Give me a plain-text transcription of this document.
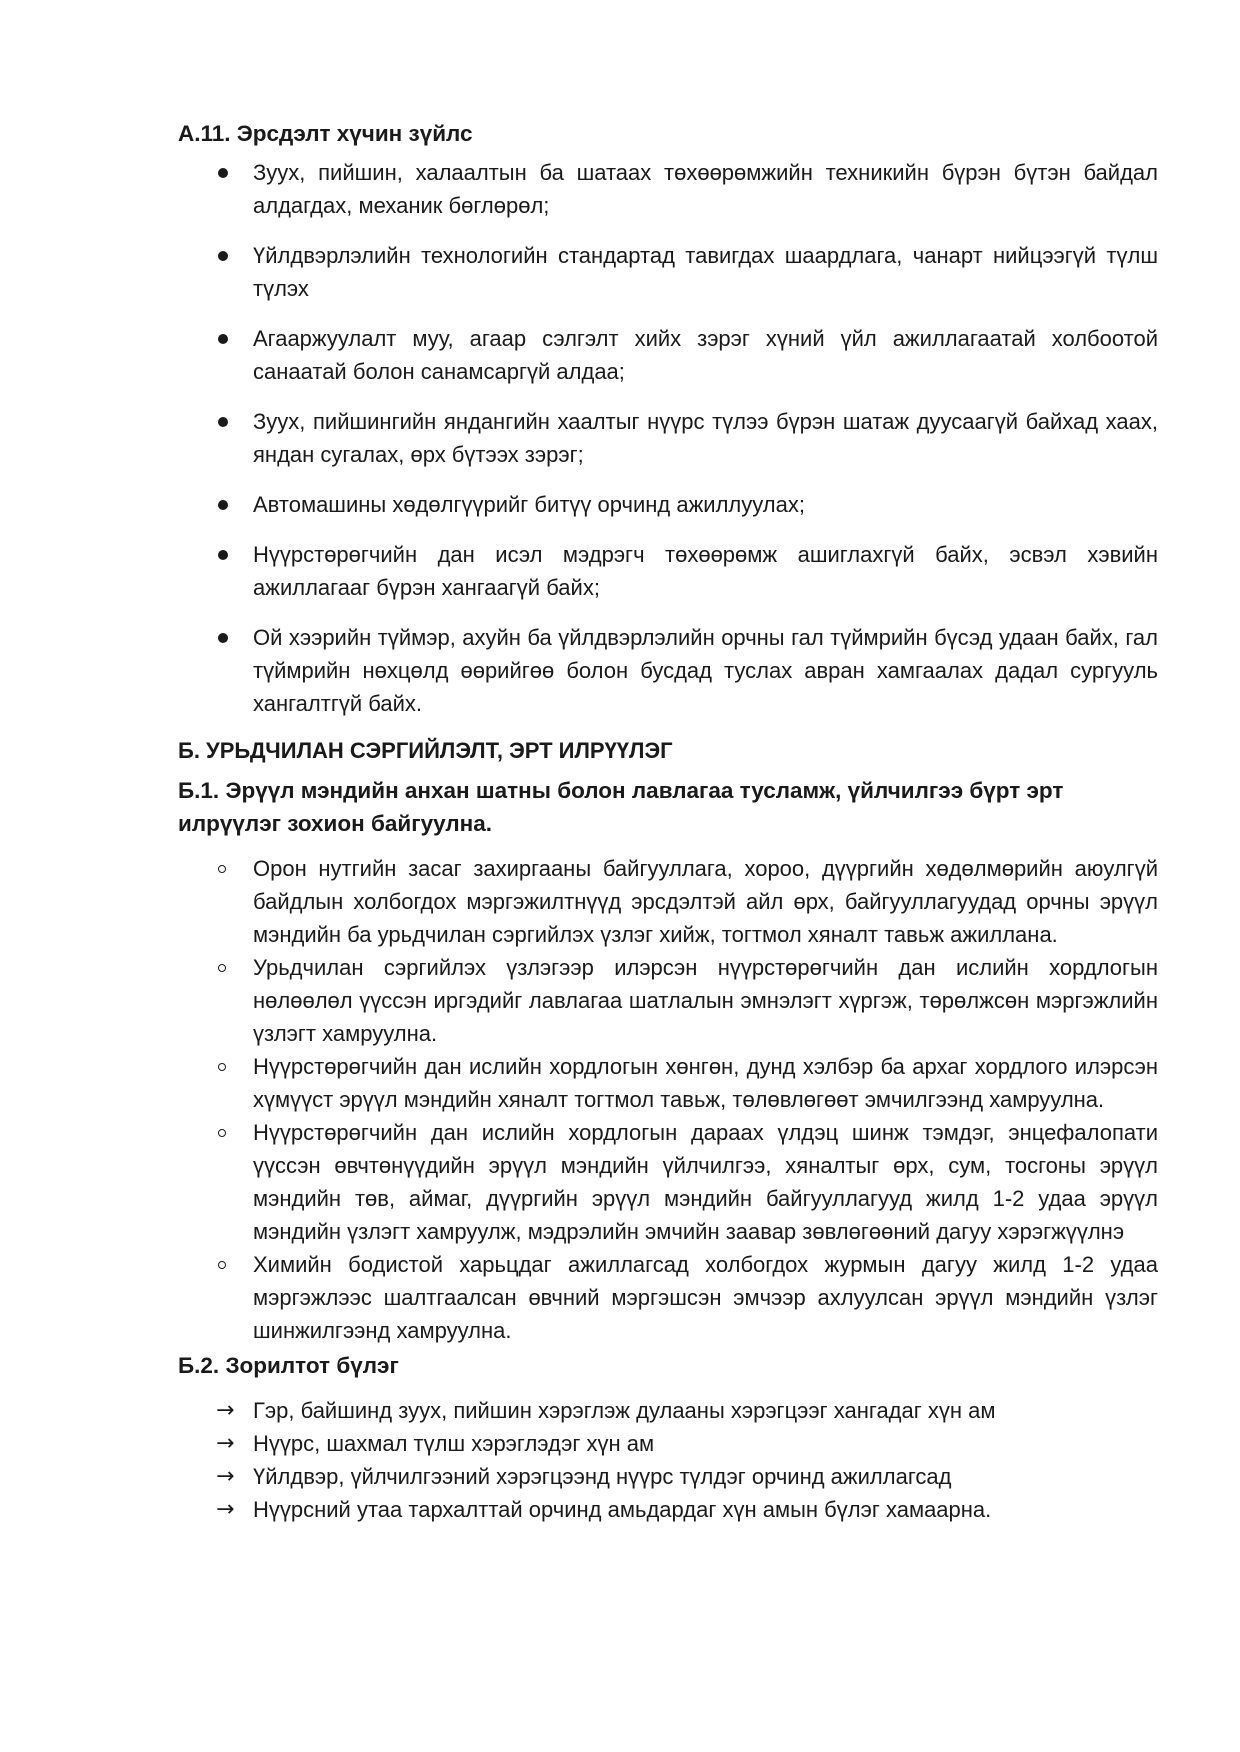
А.11. Эрсдэлт хүчин зүйлс
Зуух, пийшин, халаалтын ба шатаах төхөөрөмжийн техникийн бүрэн бүтэн байдал алдагдах, механик бөглөрөл;
Үйлдвэрлэлийн технологийн стандартад тавигдах шаардлага, чанарт нийцээгүй түлш түлэх
Агааржуулалт муу, агаар сэлгэлт хийх зэрэг хүний үйл ажиллагаатай холбоотой санаатай болон санамсаргүй алдаа;
Зуух, пийшингийн яндангийн хаалтыг нүүрс түлээ бүрэн шатаж дуусаагүй байхад хаах, яндан сугалах, өрх бүтээх зэрэг;
Автомашины хөдөлгүүрийг битүү орчинд ажиллуулах;
Нүүрстөрөгчийн дан исэл мэдрэгч төхөөрөмж ашиглахгүй байх, эсвэл хэвийн ажиллагааг бүрэн хангаагүй байх;
Ой хээрийн түймэр, ахуйн ба үйлдвэрлэлийн орчны гал түймрийн бүсэд удаан байх, гал түймрийн нөхцөлд өөрийгөө болон бусдад туслах авран хамгаалах дадал сургууль хангалтгүй байх.
Б. УРЬДЧИЛАН СЭРГИЙЛЭЛТ, ЭРТ ИЛРҮҮЛЭГ
Б.1. Эрүүл мэндийн анхан шатны болон лавлагаа тусламж, үйлчилгээ бүрт эрт илрүүлэг зохион байгуулна.
Орон нутгийн засаг захиргааны байгууллага, хороо, дүүргийн хөдөлмөрийн аюулгүй байдлын холбогдох мэргэжилтнүүд эрсдэлтэй айл өрх, байгууллагуудад орчны эрүүл мэндийн ба урьдчилан сэргийлэх үзлэг хийж, тогтмол хяналт тавьж ажиллана.
Урьдчилан сэргийлэх үзлэгээр илэрсэн нүүрстөрөгчийн дан ислийн хордлогын нөлөөлөл үүссэн иргэдийг лавлагаа шатлалын эмнэлэгт хүргэж, төрөлжсөн мэргэжлийн үзлэгт хамруулна.
Нүүрстөрөгчийн дан ислийн хордлогын хөнгөн, дунд хэлбэр ба архаг хордлого илэрсэн хүмүүст эрүүл мэндийн хяналт тогтмол тавьж, төлөвлөгөөт эмчилгээнд хамруулна.
Нүүрстөрөгчийн дан ислийн хордлогын дараах үлдэц шинж тэмдэг, энцефалопати үүссэн өвчтөнүүдийн эрүүл мэндийн үйлчилгээ, хяналтыг өрх, сум, тосгоны эрүүл мэндийн төв, аймаг, дүүргийн эрүүл мэндийн байгууллагууд жилд 1-2 удаа эрүүл мэндийн үзлэгт хамруулж, мэдрэлийн эмчийн заавар зөвлөгөөний дагуу хэрэгжүүлнэ
Химийн бодистой харьцдаг ажиллагсад холбогдох журмын дагуу жилд 1-2 удаа мэргэжлээс шалтгаалсан өвчний мэргэшсэн эмчээр ахлуулсан эрүүл мэндийн үзлэг шинжилгээнд хамруулна.
Б.2. Зорилтот бүлэг
→ Гэр, байшинд зуух, пийшин хэрэглэж дулааны хэрэгцээг хангадаг хүн ам
→ Нүүрс, шахмал түлш хэрэглэдэг хүн ам
→ Үйлдвэр, үйлчилгээний хэрэгцээнд нүүрс түлдэг орчинд ажиллагсад
→ Нүүрсний утаа тархалттай орчинд амьдардаг хүн амын бүлэг хамаарна.
